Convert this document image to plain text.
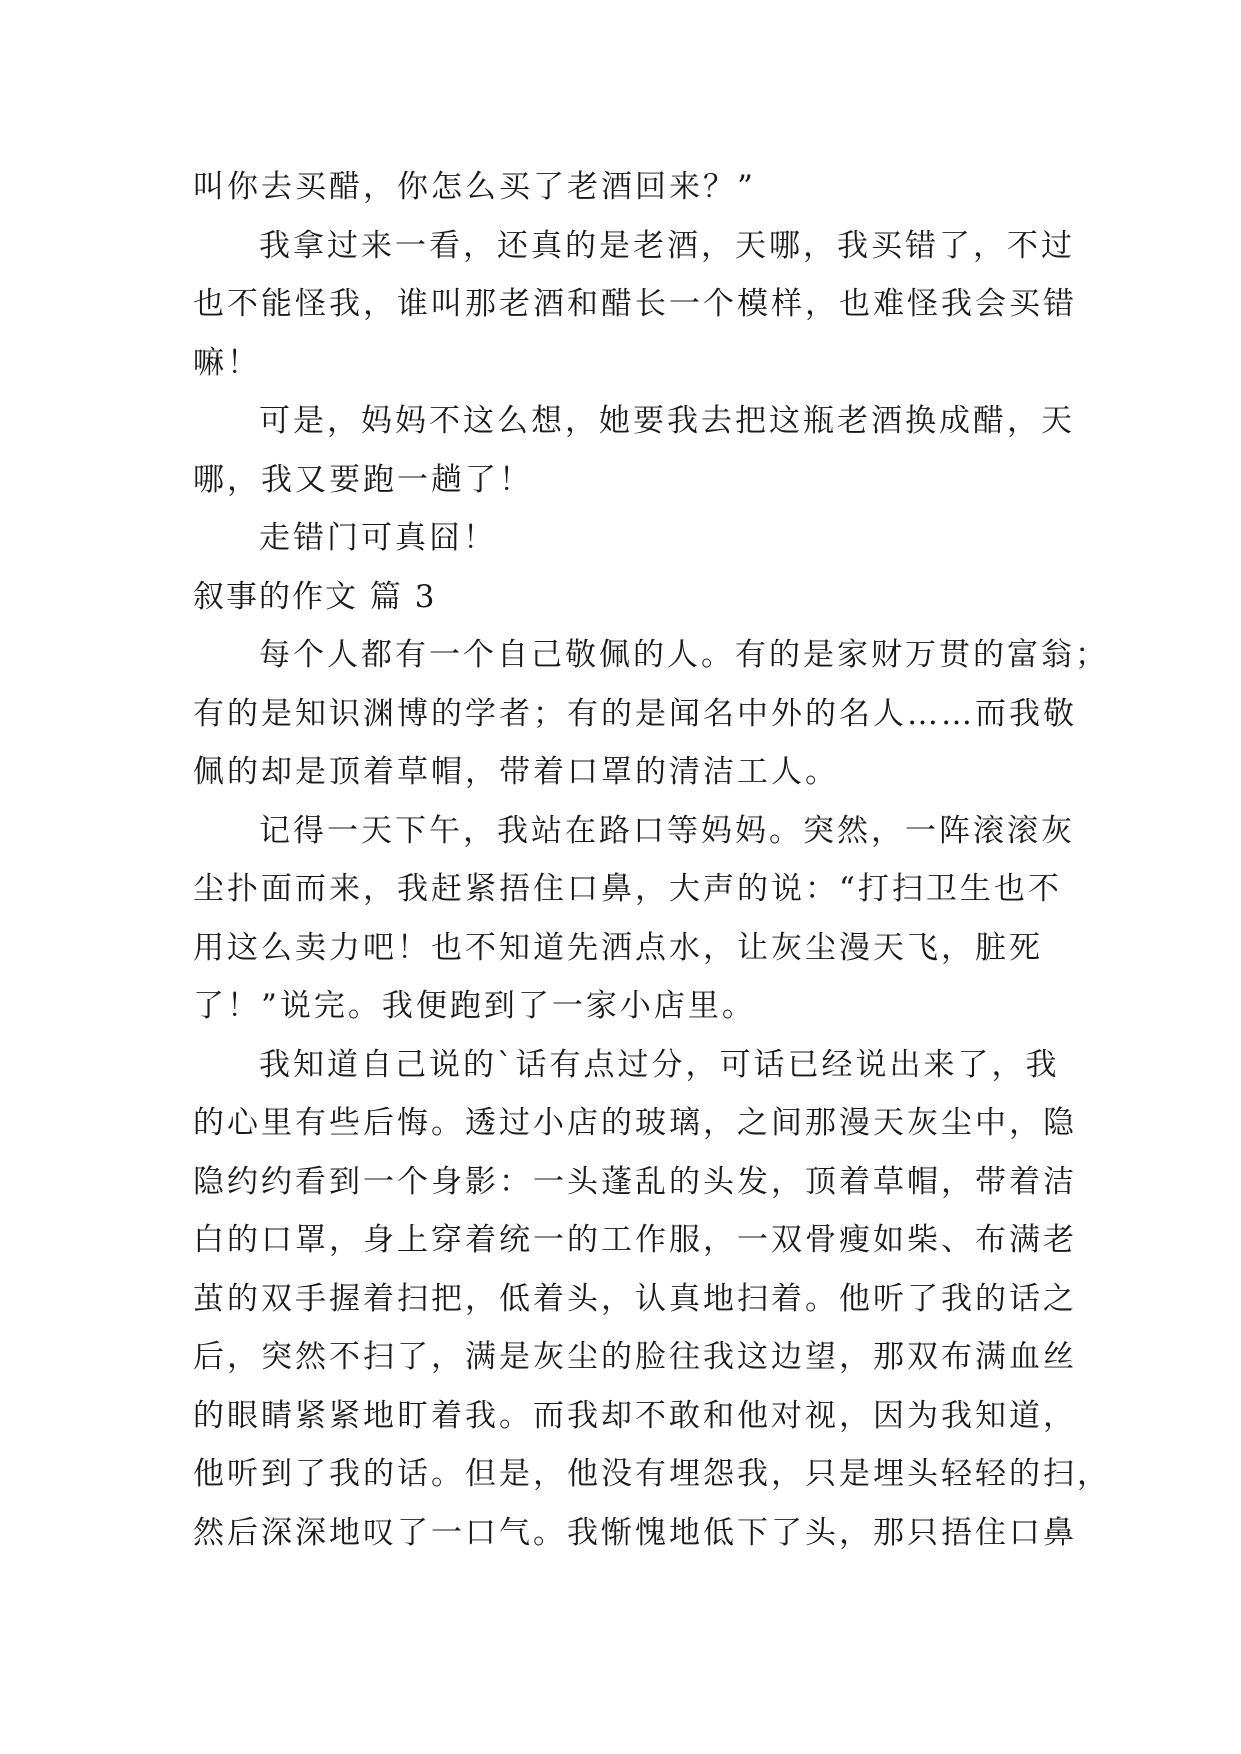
叫你去买醋，你怎么买了老酒回来？”
我拿过来一看，还真的是老酒，天哪，我买错了，不过
也不能怪我，谁叫那老酒和醋长一个模样，也难怪我会买错
嘛！
可是，妈妈不这么想，她要我去把这瓶老酒换成醋，天
哪，我又要跑一趟了！
走错门可真囧！
叙事的作文 篇 3
每个人都有一个自己敬佩的人。有的是家财万贯的富翁；
有的是知识渊博的学者；有的是闻名中外的名人……而我敬
佩的却是顶着草帽，带着口罩的清洁工人。
记得一天下午，我站在路口等妈妈。突然，一阵滚滚灰
尘扑面而来，我赶紧捂住口鼻，大声的说：“打扫卫生也不
用这么卖力吧！也不知道先洒点水，让灰尘漫天飞，脏死
了！”说完。我便跑到了一家小店里。
我知道自己说的`话有点过分，可话已经说出来了，我
的心里有些后悔。透过小店的玻璃，之间那漫天灰尘中，隐
隐约约看到一个身影：一头蓬乱的头发，顶着草帽，带着洁
白的口罩，身上穿着统一的工作服，一双骨瘦如柴、布满老
茧的双手握着扫把，低着头，认真地扫着。他听了我的话之
后，突然不扫了，满是灰尘的脸往我这边望，那双布满血丝
的眼睛紧紧地盯着我。而我却不敢和他对视，因为我知道，
他听到了我的话。但是，他没有埋怨我，只是埋头轻轻的扫，
然后深深地叹了一口气。我惭愧地低下了头，那只捂住口鼻
